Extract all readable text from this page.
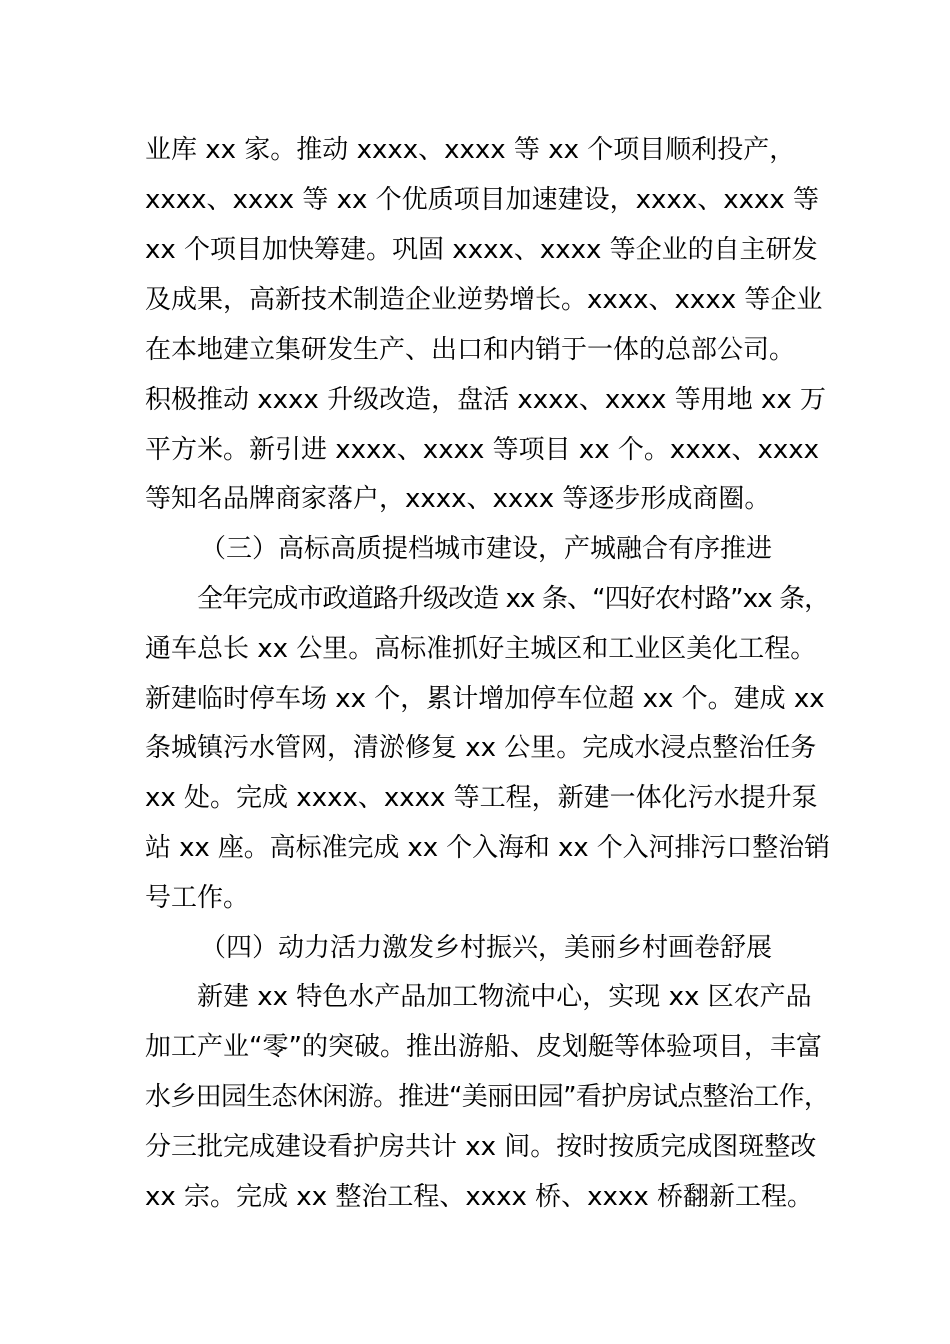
业库 xx 家。推动 xxxx、xxxx 等 xx 个项目顺利投产，
xxxx、xxxx 等 xx 个优质项目加速建设，xxxx、xxxx 等
xx 个项目加快筹建。巩固 xxxx、xxxx 等企业的自主研发
及成果，高新技术制造企业逆势增长。xxxx、xxxx 等企业
在本地建立集研发生产、出口和内销于一体的总部公司。
积极推动 xxxx 升级改造，盘活 xxxx、xxxx 等用地 xx 万
平方米。新引进 xxxx、xxxx 等项目 xx 个。xxxx、xxxx
等知名品牌商家落户，xxxx、xxxx 等逐步形成商圈。
（三）高标高质提档城市建设，产城融合有序推进
全年完成市政道路升级改造 xx 条、“四好农村路”xx 条，
通车总长 xx 公里。高标准抓好主城区和工业区美化工程。
新建临时停车场 xx 个，累计增加停车位超 xx 个。建成 xx
条城镇污水管网，清淤修复 xx 公里。完成水浸点整治任务
xx 处。完成 xxxx、xxxx 等工程，新建一体化污水提升泵
站 xx 座。高标准完成 xx 个入海和 xx 个入河排污口整治销
号工作。
（四）动力活力激发乡村振兴，美丽乡村画卷舒展
新建 xx 特色水产品加工物流中心，实现 xx 区农产品
加工产业“零”的突破。推出游船、皮划艇等体验项目，丰富
水乡田园生态休闲游。推进“美丽田园”看护房试点整治工作，
分三批完成建设看护房共计 xx 间。按时按质完成图斑整改
xx 宗。完成 xx 整治工程、xxxx 桥、xxxx 桥翻新工程。
